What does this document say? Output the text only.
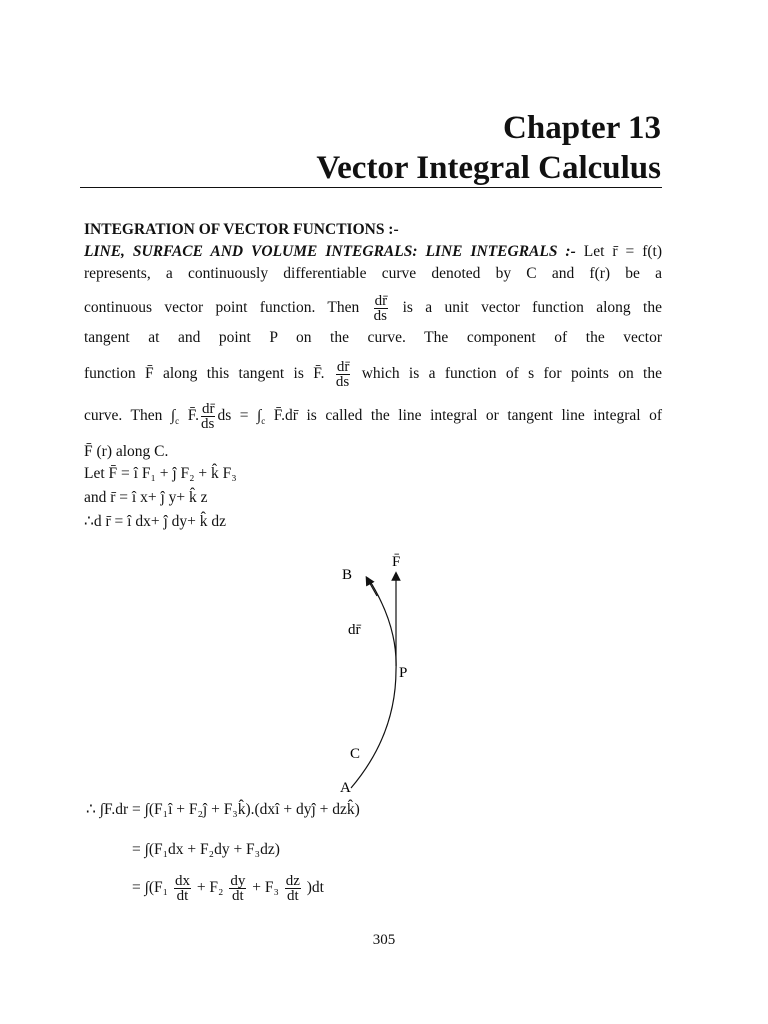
Chapter 13
Vector Integral Calculus
INTEGRATION OF VECTOR FUNCTIONS :-
LINE, SURFACE AND VOLUME INTEGRALS: LINE INTEGRALS :- Let r̄ = f(t)
represents, a continuously differentiable curve denoted by C and f(r) be a
continuous vector point function. Then $\frac{dr̄}{ds}$ is a unit vector function along the
tangent at and point P on the curve. The component of the vector
function F̄ along this tangent is F̄. $\frac{dr̄}{ds}$ which is a function of s for points on the
curve. Then $\int_c$ F̄. $\frac{dr̄}{ds}$ ds = $\int_c$ F̄.dr̄ is called the line integral or tangent line integral of
F̄ (r) along C.
Let F̄ = î F₁ + ĵ F₂ + k̂ F₃
and r̄ = î x+ ĵ y+ k̂ z
∴d r̄ = î dx+ ĵ dy+ k̂ dz
F̄
B
dr̄
P
C
A
∴ ∫F.dr = ∫(F₁î + F₂ĵ + F₃k̂).(dxî + dyĵ + dzk̂)
= ∫(F₁dx + F₂dy + F₃dz)
= $\int(F_1 \frac{dx}{dt} + F_2 \frac{dy}{dt} + F_3 \frac{dz}{dt} )dt$
305
